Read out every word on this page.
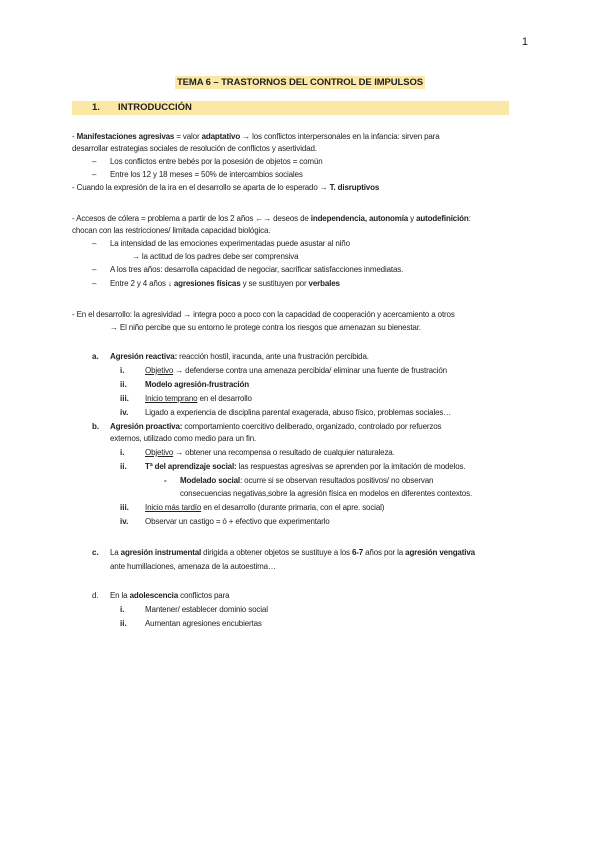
1
TEMA 6 – TRASTORNOS DEL CONTROL DE IMPULSOS
1. INTRODUCCIÓN
- Manifestaciones agresivas = valor adaptativo → los conflictos interpersonales en la infancia: sirven para
desarrollar estrategias sociales de resolución de conflictos y asertividad.
– Los conflictos entre bebés por la posesión de objetos = común
– Entre los 12 y 18 meses = 50% de intercambios sociales
- Cuando la expresión de la ira en el desarrollo se aparta de lo esperado → T. disruptivos
- Accesos de cólera = problema a partir de los 2 años ←→ deseos de independencia, autonomía y autodefinición:
chocan con las restricciones/ limitada capacidad biológica.
– La intensidad de las emociones experimentadas puede asustar al niño
→ la actitud de los padres debe ser comprensiva
– A los tres años: desarrolla capacidad de negociar, sacrificar satisfacciones inmediatas.
– Entre 2 y 4 años ↓ agresiones físicas y se sustituyen por verbales
- En el desarrollo: la agresividad → integra poco a poco con la capacidad de cooperación y acercamiento a otros
→ El niño percibe que su entorno le protege contra los riesgos que amenazan su bienestar.
a. Agresión reactiva: reacción hostil, iracunda, ante una frustración percibida.
i.	Objetivo → defenderse contra una amenaza percibida/ eliminar una fuente de frustración
ii. Modelo agresión-frustración
iii. Inicio temprano en el desarrollo
iv. Ligado a experiencia de disciplina parental exagerada, abuso físico, problemas sociales…
b. Agresión proactiva: comportamiento coercitivo deliberado, organizado, controlado por refuerzos
externos, utilizado como medio para un fin.
i.	Objetivo → obtener una recompensa o resultado de cualquier naturaleza.
ii. Tª del aprendizaje social: las respuestas agresivas se aprenden por la imitación de modelos.
- Modelado social: ocurre si se observan resultados positivos/ no observan
consecuencias negativas,sobre la agresión física en modelos en diferentes contextos.
iii. Inicio más tardío en el desarrollo (durante primaria, con el apre. social)
iv. Observar un castigo = ó + efectivo que experimentarlo
c. La agresión instrumental dirigida a obtener objetos se sustituye a los 6-7 años por la agresión vengativa
ante humillaciones, amenaza de la autoestima…
d. En la adolescencia conflictos para
i.	Mantener/ establecer dominio social
ii. Aumentan agresiones encubiertas
